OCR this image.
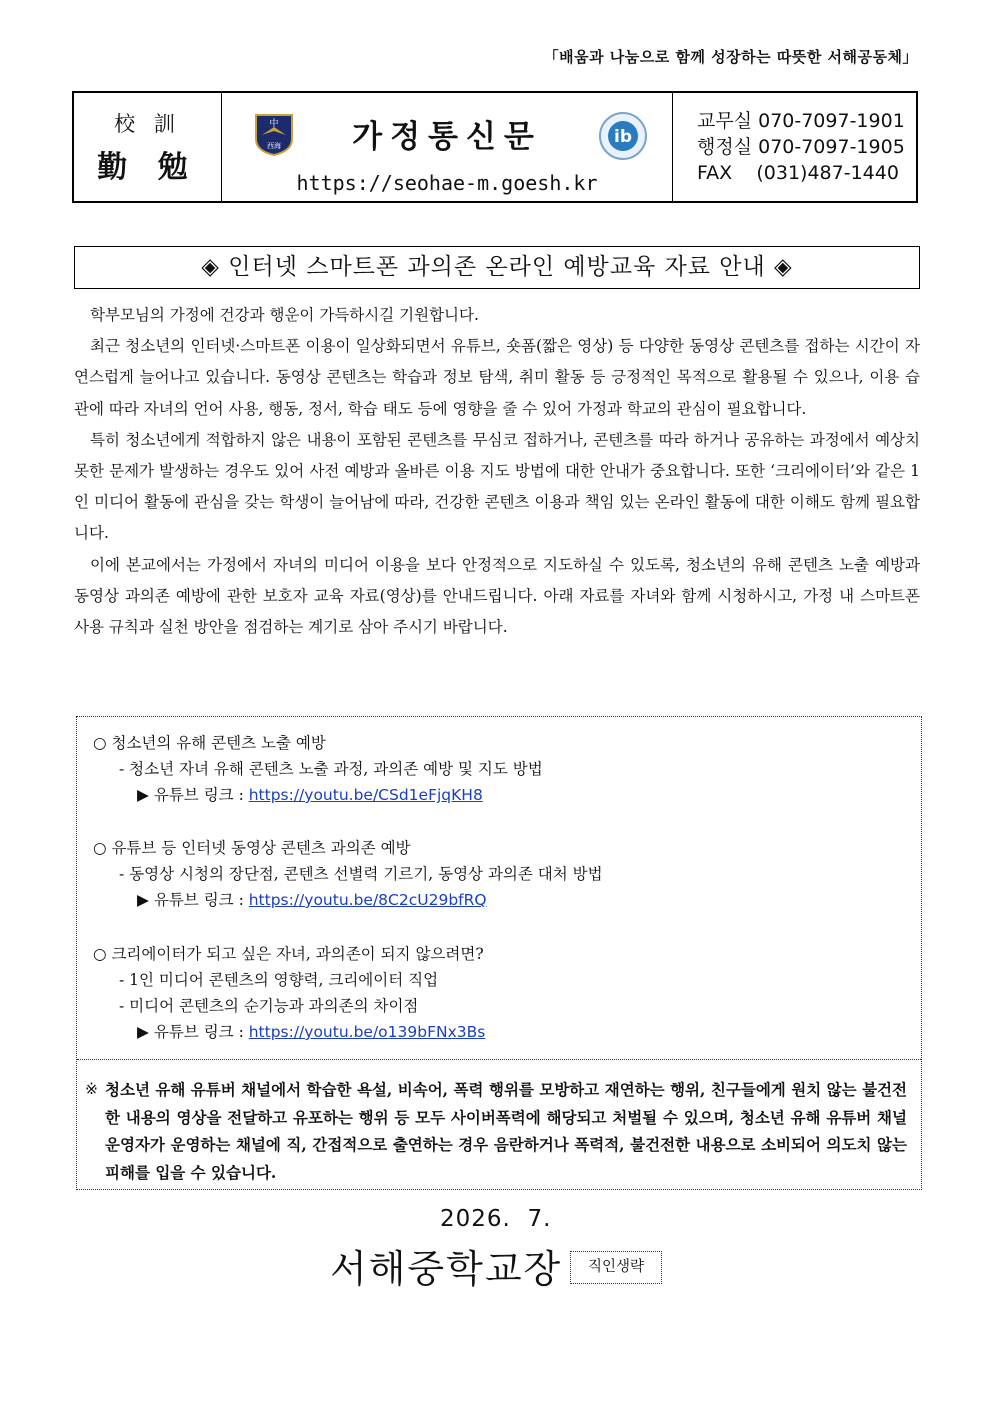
「배움과 나눔으로 함께 성장하는 따뜻한 서해공동체」
校 訓
勤 勉
中
西海	가정통신문	ib
https://seohae-m.goesh.kr
교무실 070-7097-1901
행정실 070-7097-1905
FAX    (031)487-1440
◈ 인터넷 스마트폰 과의존 온라인 예방교육 자료 안내 ◈

학부모님의 가정에 건강과 행운이 가득하시길 기원합니다.

최근 청소년의 인터넷·스마트폰 이용이 일상화되면서 유튜브, 숏폼(짧은 영상) 등 다양한 동영상 콘텐츠를 접하는 시간이 자연스럽게 늘어나고 있습니다. 동영상 콘텐츠는 학습과 정보 탐색, 취미 활동 등 긍정적인 목적으로 활용될 수 있으나, 이용 습관에 따라 자녀의 언어 사용, 행동, 정서, 학습 태도 등에 영향을 줄 수 있어 가정과 학교의 관심이 필요합니다.

특히 청소년에게 적합하지 않은 내용이 포함된 콘텐츠를 무심코 접하거나, 콘텐츠를 따라 하거나 공유하는 과정에서 예상치 못한 문제가 발생하는 경우도 있어 사전 예방과 올바른 이용 지도 방법에 대한 안내가 중요합니다. 또한 ‘크리에이터’와 같은 1인 미디어 활동에 관심을 갖는 학생이 늘어남에 따라, 건강한 콘텐츠 이용과 책임 있는 온라인 활동에 대한 이해도 함께 필요합니다.

이에 본교에서는 가정에서 자녀의 미디어 이용을 보다 안정적으로 지도하실 수 있도록, 청소년의 유해 콘텐츠 노출 예방과 동영상 과의존 예방에 관한 보호자 교육 자료(영상)를 안내드립니다. 아래 자료를 자녀와 함께 시청하시고, 가정 내 스마트폰 사용 규칙과 실천 방안을 점검하는 계기로 삼아 주시기 바랍니다.

○ 청소년의 유해 콘텐츠 노출 예방
- 청소년 자녀 유해 콘텐츠 노출 과정, 과의존 예방 및 지도 방법
▶ 유튜브 링크 : https://youtu.be/CSd1eFjqKH8
○ 유튜브 등 인터넷 동영상 콘텐츠 과의존 예방
- 동영상 시청의 장단점, 콘텐츠 선별력 기르기, 동영상 과의존 대처 방법
▶ 유튜브 링크 : https://youtu.be/8C2cU29bfRQ
○ 크리에이터가 되고 싶은 자녀, 과의존이 되지 않으려면?
- 1인 미디어 콘텐츠의 영향력, 크리에이터 직업
- 미디어 콘텐츠의 순기능과 과의존의 차이점
▶ 유튜브 링크 : https://youtu.be/o139bFNx3Bs
※ 청소년 유해 유튜버 채널에서 학습한 욕설, 비속어, 폭력 행위를 모방하고 재연하는 행위, 친구들에게 원치 않는 불건전한 내용의 영상을 전달하고 유포하는 행위 등 모두 사이버폭력에 해당되고 처벌될 수 있으며, 청소년 유해 유튜버 채널 운영자가 운영하는 채널에 직, 간접적으로 출연하는 경우 음란하거나 폭력적, 불건전한 내용으로 소비되어 의도치 않는 피해를 입을 수 있습니다.
2026.  7.
서해중학교장	직인생략
